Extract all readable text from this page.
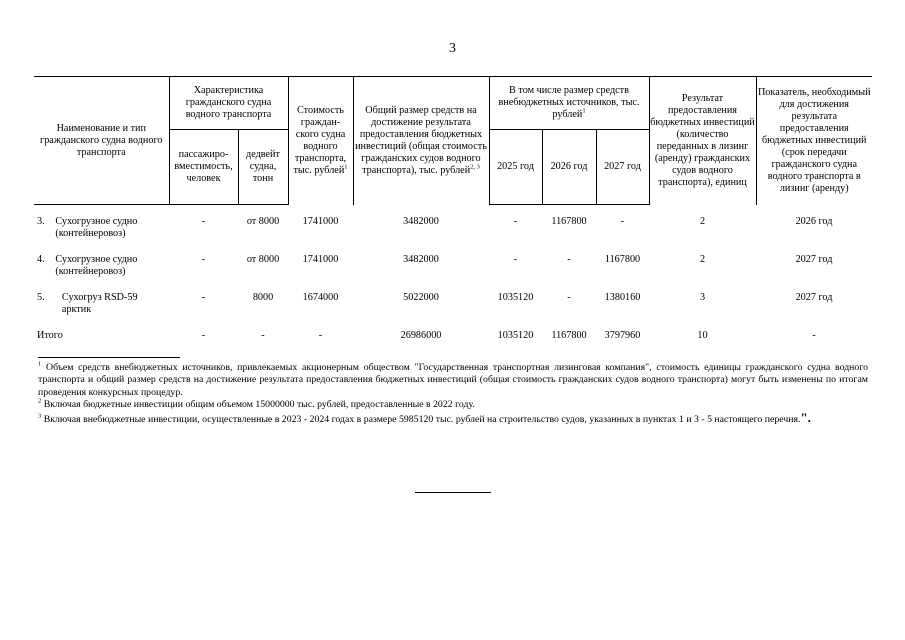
3
Наименование и тип гражданского судна водного транспорта	Характеристика гражданского судна водного транспорта		Стоимость граждан- ского судна водного транспорта, тыс. рублей$^1$	Общий размер средств на достижение результата предоставления бюджетных инвестиций (общая стоимость гражданских судов водного транспорта), тыс. рублей$^{2, 3}$	В том числе размер средств внебюджетных источников, тыс. рублей$^1$			Результат предоставления бюджетных инвестиций (количество переданных в лизинг (аренду) гражданских судов водного транспорта), единиц	Показатель, необходимый для достижения результата предоставления бюджетных инвестиций (срок передачи гражданского судна водного транспорта в лизинг (аренду)
	пассажиро- вместимость, человек	дедвейт судна, тонн			2025 год	2026 год	2027 год		

3. Сухогрузное судно (контейнеровоз)	-	от 8000	1741000	3482000	-	1167800	-	2	2026 год

4. Сухогрузное судно (контейнеровоз)	-	от 8000	1741000	3482000	-	-	1167800	2	2027 год

5. Сухогруз RSD-59 арктик	-	8000	1674000	5022000	1035120	-	1380160	3	2027 год
Итого	-	-	-	26986000	1035120	1167800	3797960	10	-

$^1$ Объем средств внебюджетных источников, привлекаемых акционерным обществом "Государственная транспортная лизинговая компания", стоимость единицы гражданского судна водного транспорта и общий размер средств на достижение результата предоставления бюджетных инвестиций (общая стоимость гражданских судов водного транспорта) могут быть изменены по итогам проведения конкурсных процедур.

$^2$ Включая бюджетные инвестиции общим объемом 15000000 тыс. рублей, предоставленные в 2022 году.

$^3$ Включая внебюджетные инвестиции, осуществленные в 2023 - 2024 годах в размере 5985120 тыс. рублей на строительство судов, указанных в пунктах 1 и 3 - 5 настоящего перечня.".
